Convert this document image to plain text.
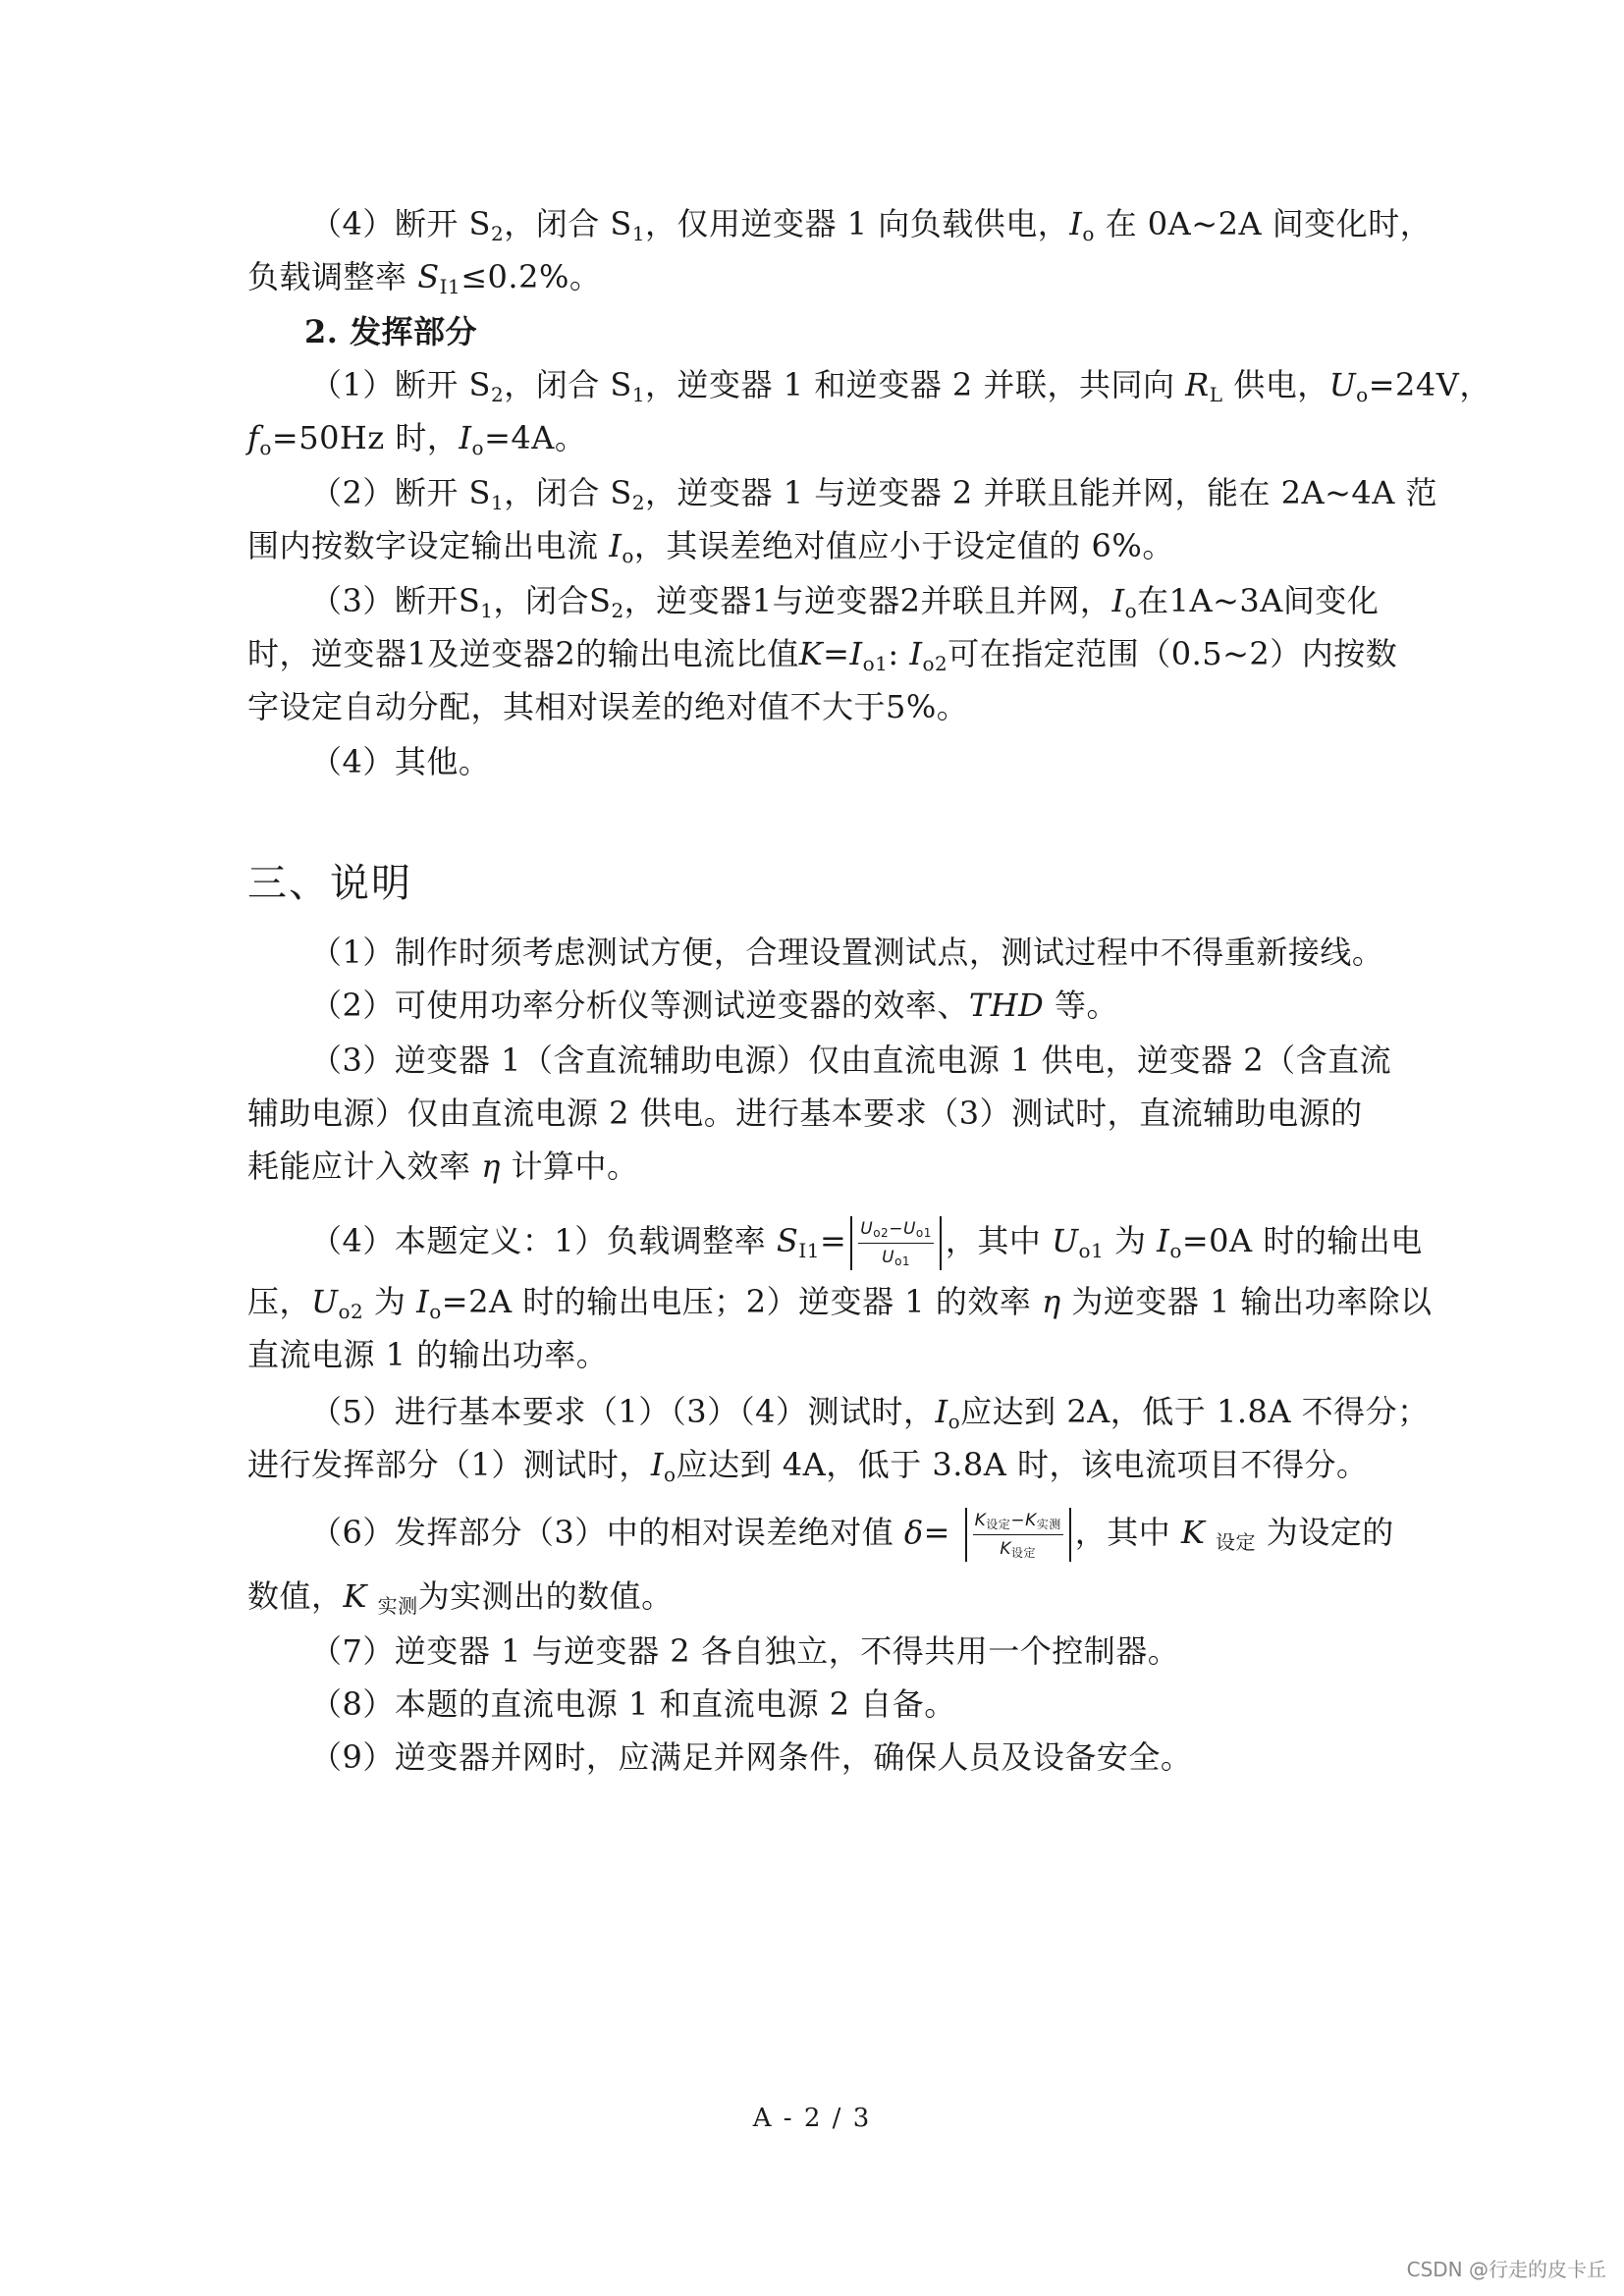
（4）断开 $S_2$，闭合 $S_1$，仅用逆变器 1 向负载供电，$I_o$ 在 0A~2A 间变化时，
负载调整率 $S_{I1}\le 0.2\%$。
2. 发挥部分
（1）断开 $S_2$，闭合 $S_1$，逆变器 1 和逆变器 2 并联，共同向 $R_L$ 供电，$U_o=24V$，
$f_o=50Hz$ 时，$I_o=4A$。
（2）断开 $S_1$，闭合 $S_2$，逆变器 1 与逆变器 2 并联且能并网，能在 2A~4A 范
围内按数字设定输出电流 $I_o$，其误差绝对值应小于设定值的 6%。
（3）断开$S_1$，闭合$S_2$，逆变器1与逆变器2并联且并网，$I_o$在1A~3A间变化
时，逆变器1及逆变器2的输出电流比值$K=I_{o1}$: $I_{o2}$可在指定范围（0.5~2）内按数
字设定自动分配，其相对误差的绝对值不大于5%。
（4）其他。
三、说明
（1）制作时须考虑测试方便，合理设置测试点，测试过程中不得重新接线。
（2）可使用功率分析仪等测试逆变器的效率、THD 等。
（3）逆变器 1（含直流辅助电源）仅由直流电源 1 供电，逆变器 2（含直流
辅助电源）仅由直流电源 2 供电。进行基本要求（3）测试时，直流辅助电源的
耗能应计入效率 η 计算中。
（4）本题定义：1）负载调整率 $S_{I1}= \frac{U_{o2}-U_{o1}}{U_{o1}}$ ，其中 $U_{o1}$ 为 $I_o=0A$ 时的输出电
压，$U_{o2}$ 为 $I_o=2A$ 时的输出电压；2）逆变器 1 的效率 η 为逆变器 1 输出功率除以
直流电源 1 的输出功率。
（5）进行基本要求（1）（3）（4）测试时，$I_o$应达到 2A，低于 1.8A 不得分；
进行发挥部分（1）测试时，$I_o$应达到 4A，低于 3.8A 时，该电流项目不得分。
（6）发挥部分（3）中的相对误差绝对值 $\delta= \frac{K_{设定}-K_{实测}}{K_{设定}}$ ，其中 K $_{设定}$ 为设定的
数值，K $_{实测}$为实测出的数值。
（7）逆变器 1 与逆变器 2 各自独立，不得共用一个控制器。
（8）本题的直流电源 1 和直流电源 2 自备。
（9）逆变器并网时，应满足并网条件，确保人员及设备安全。
A - 2 / 3
CSDN @行走的皮卡丘
